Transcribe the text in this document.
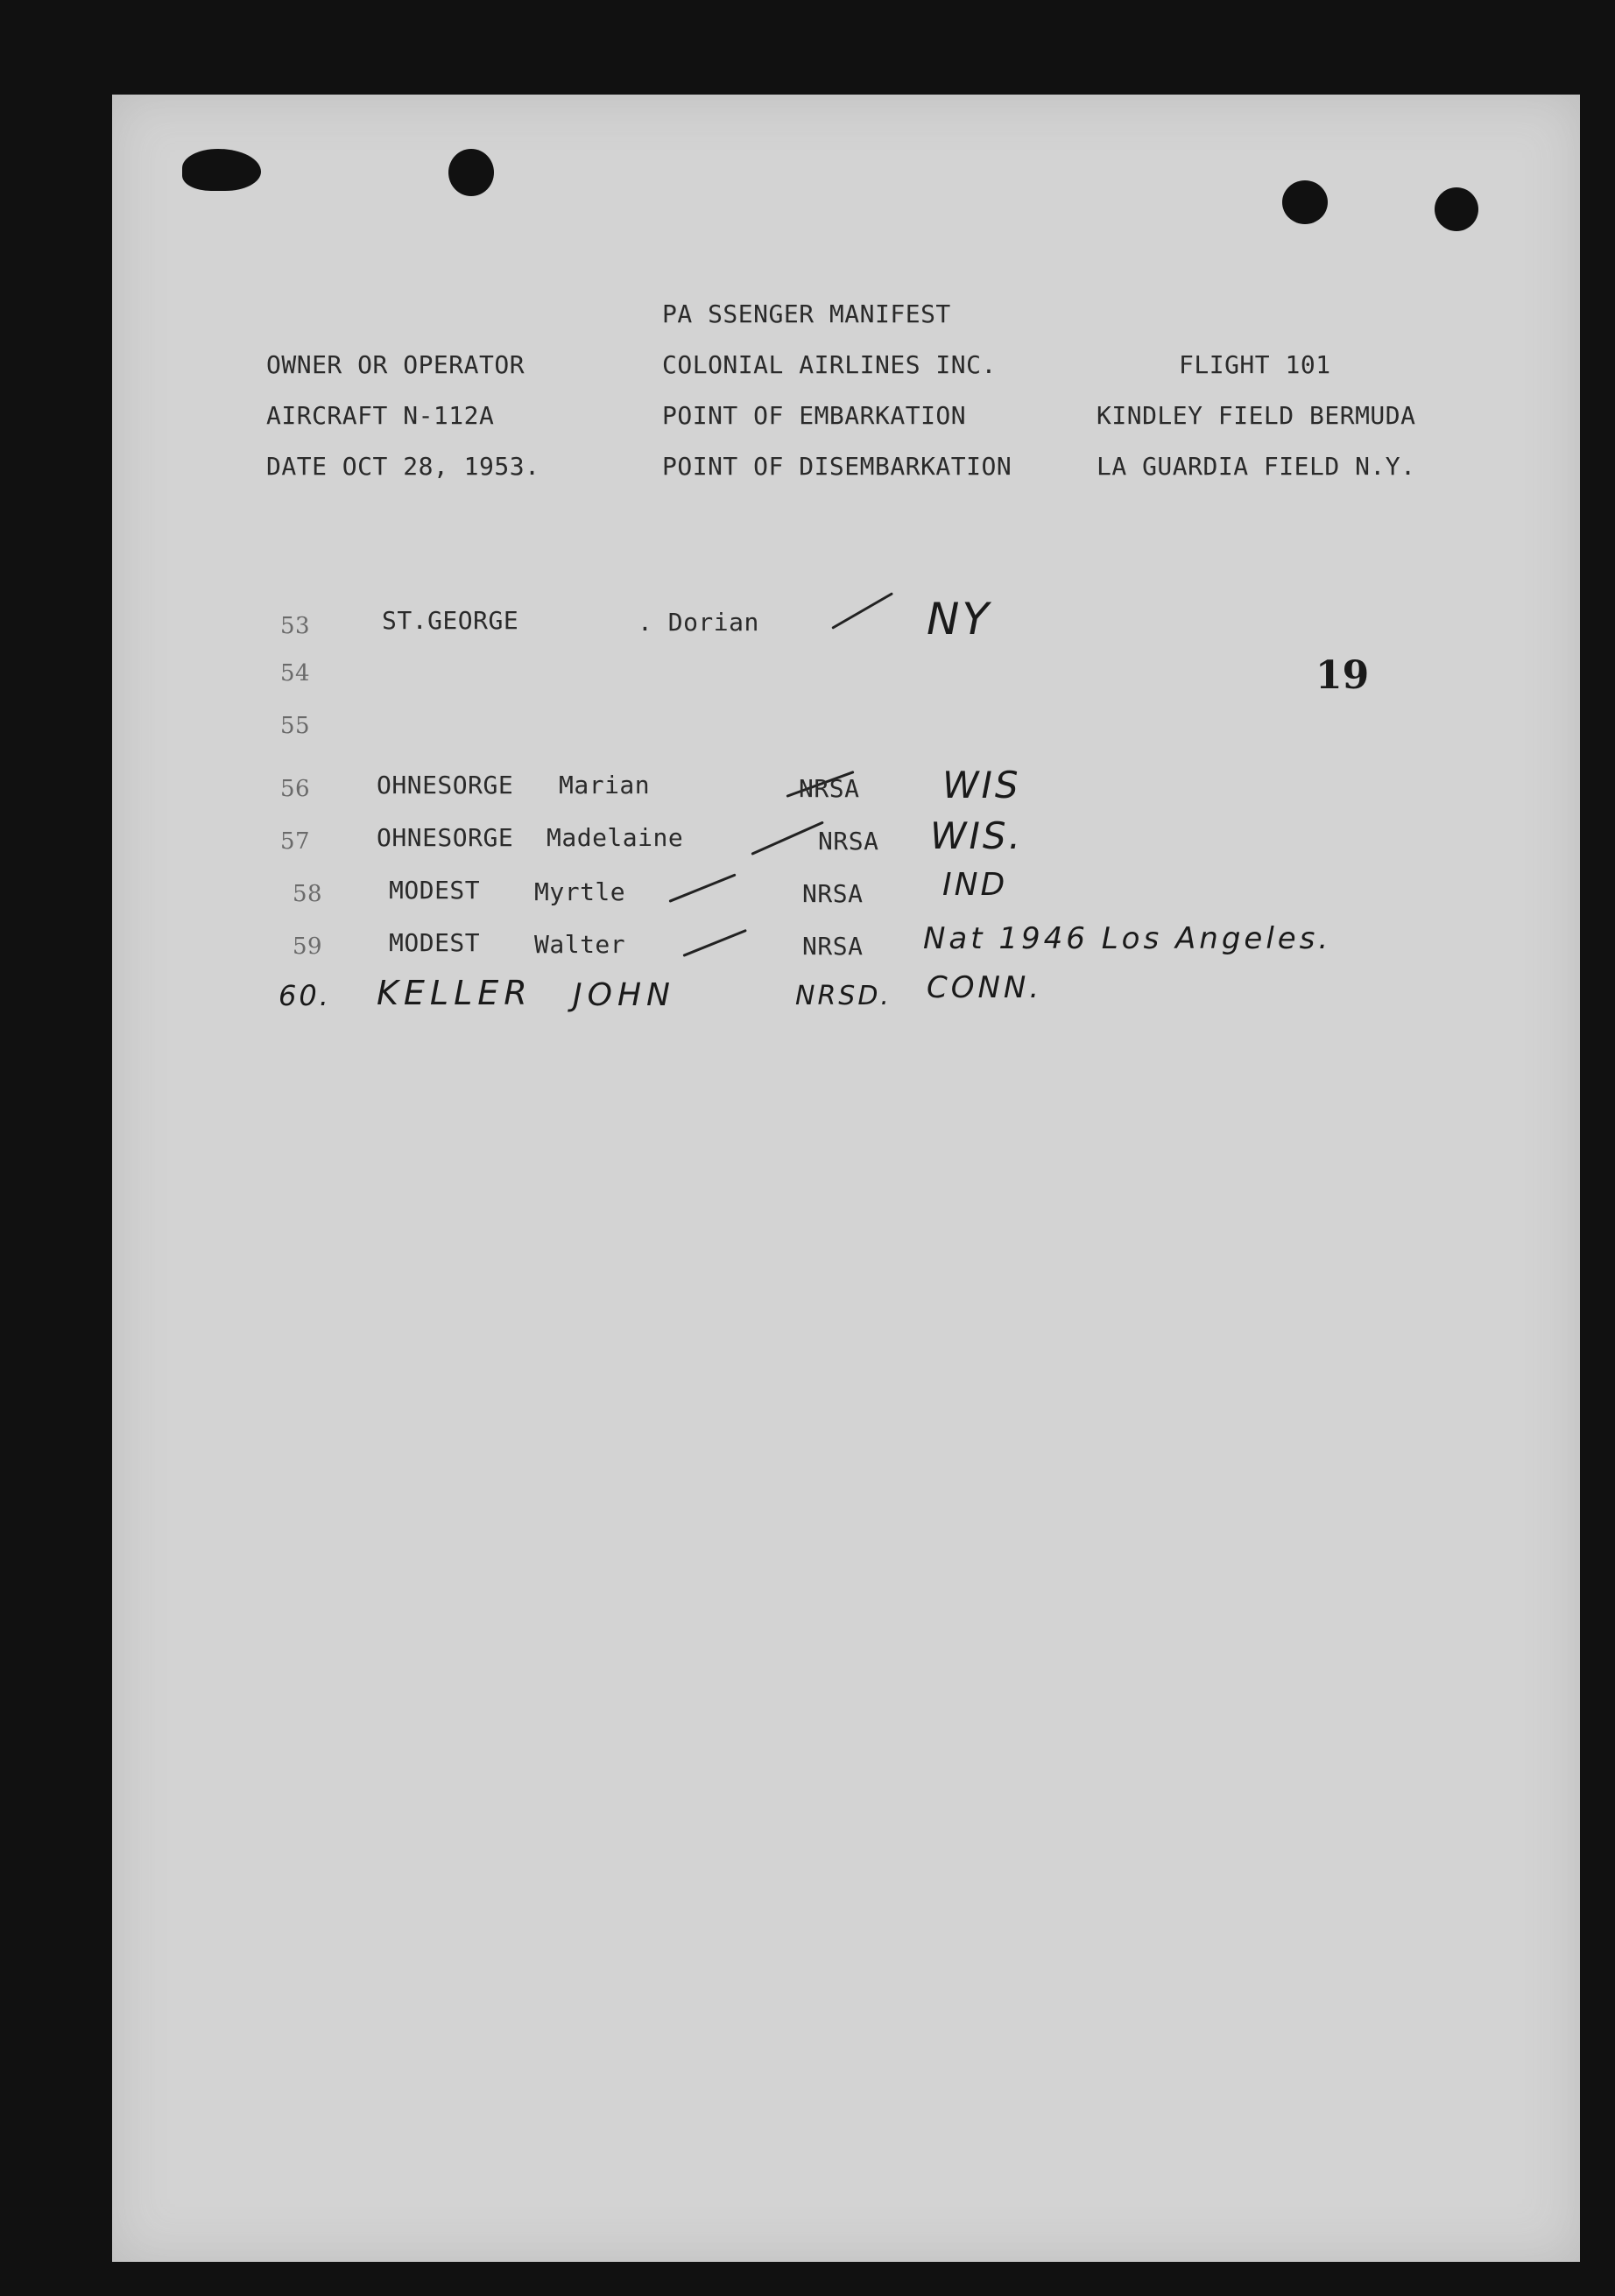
PA SSENGER MANIFEST
OWNER OR OPERATOR	COLONIAL AIRLINES INC.	FLIGHT 101
AIRCRAFT N-112A	POINT OF EMBARKATION	KINDLEY FIELD BERMUDA
DATE OCT 28, 1953.	POINT OF DISEMBARKATION	LA GUARDIA FIELD N.Y.
19
53	ST.GEORGE	. Dorian	NY
54
55
56	OHNESORGE Marian	NRSA WIS
57	OHNESORGE Madelaine	NRSA WIS.
58	MODEST Myrtle	NRSA	IND
59	MODEST Walter	NRSA Nat 1946 Los Angeles.
60. KELLER JOHN	NRSD. CONN.
